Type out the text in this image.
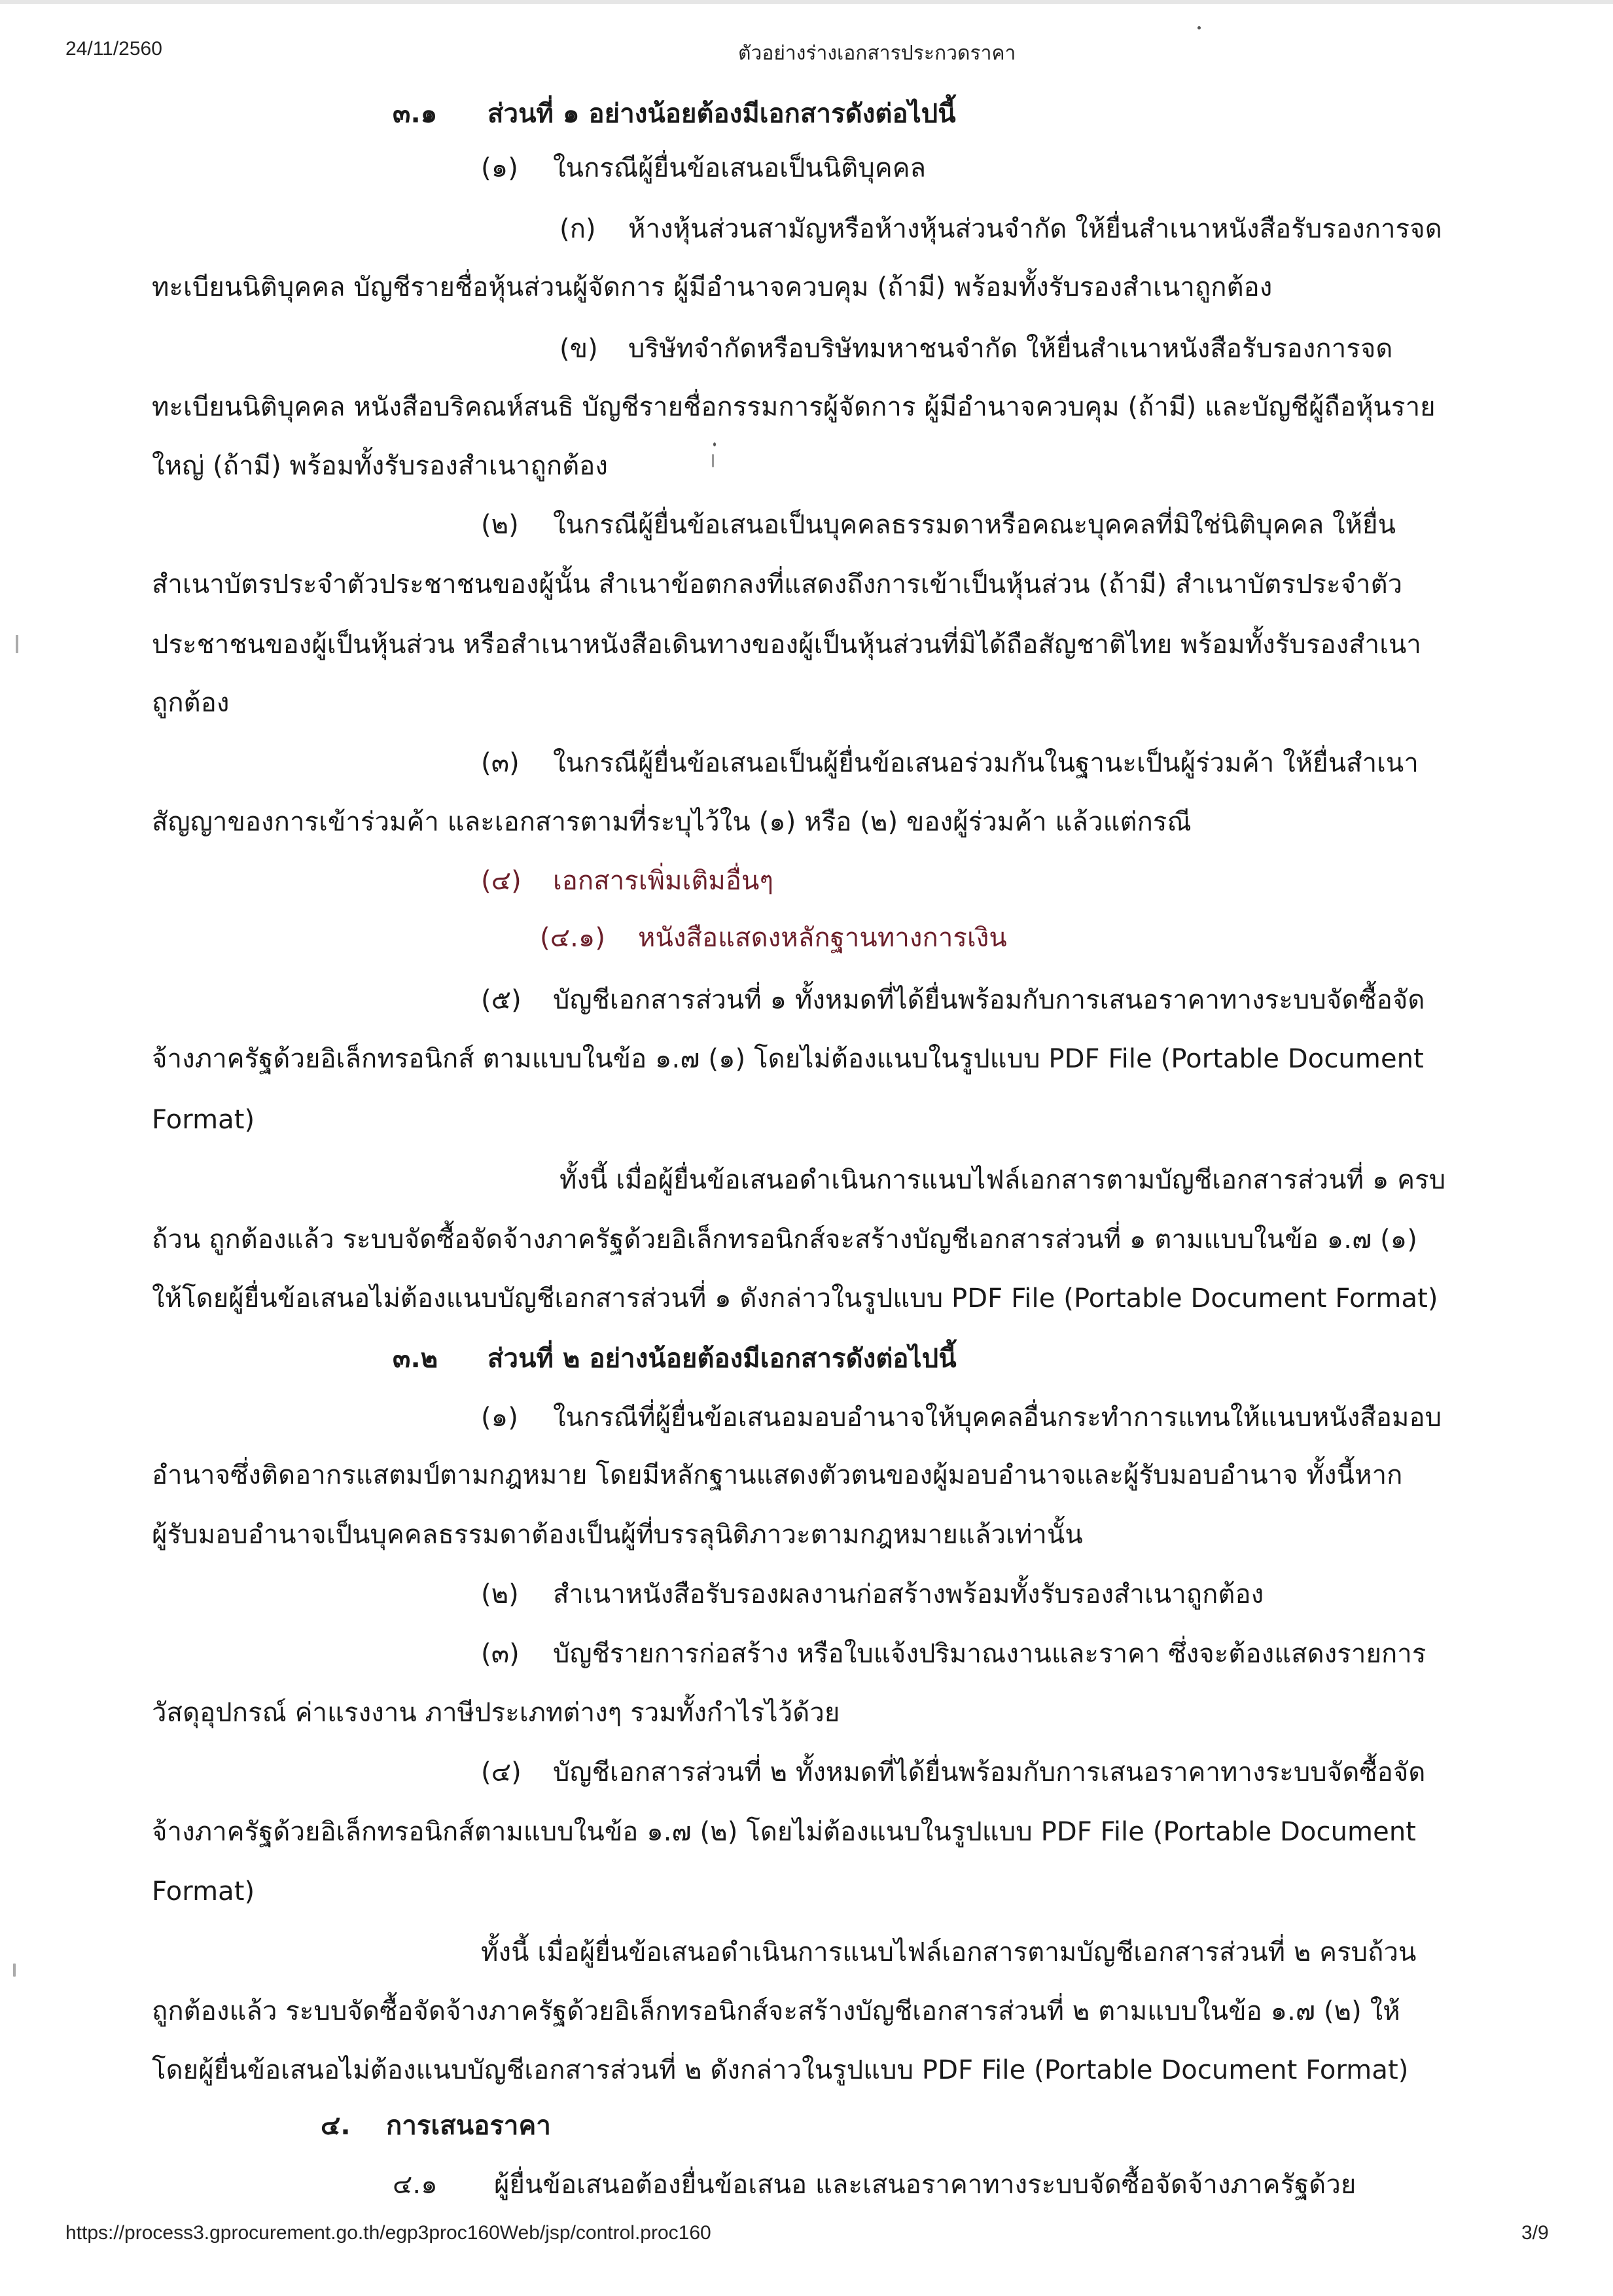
24/11/2560	ตัวอย่างร่างเอกสารประกวดราคา
๓.๑ ส่วนที่ ๑ อย่างน้อยต้องมีเอกสารดังต่อไปนี้
(๑) ในกรณีผู้ยื่นข้อเสนอเป็นนิติบุคคล
(ก) ห้างหุ้นส่วนสามัญหรือห้างหุ้นส่วนจำกัด ให้ยื่นสำเนาหนังสือรับรองการจด
ทะเบียนนิติบุคคล บัญชีรายชื่อหุ้นส่วนผู้จัดการ ผู้มีอำนาจควบคุม (ถ้ามี) พร้อมทั้งรับรองสำเนาถูกต้อง
(ข) บริษัทจำกัดหรือบริษัทมหาชนจำกัด ให้ยื่นสำเนาหนังสือรับรองการจด
ทะเบียนนิติบุคคล หนังสือบริคณห์สนธิ บัญชีรายชื่อกรรมการผู้จัดการ ผู้มีอำนาจควบคุม (ถ้ามี) และบัญชีผู้ถือหุ้นราย
ใหญ่ (ถ้ามี) พร้อมทั้งรับรองสำเนาถูกต้อง
(๒) ในกรณีผู้ยื่นข้อเสนอเป็นบุคคลธรรมดาหรือคณะบุคคลที่มิใช่นิติบุคคล ให้ยื่น
สำเนาบัตรประจำตัวประชาชนของผู้นั้น สำเนาข้อตกลงที่แสดงถึงการเข้าเป็นหุ้นส่วน (ถ้ามี) สำเนาบัตรประจำตัว
ประชาชนของผู้เป็นหุ้นส่วน หรือสำเนาหนังสือเดินทางของผู้เป็นหุ้นส่วนที่มิได้ถือสัญชาติไทย พร้อมทั้งรับรองสำเนา
ถูกต้อง
(๓) ในกรณีผู้ยื่นข้อเสนอเป็นผู้ยื่นข้อเสนอร่วมกันในฐานะเป็นผู้ร่วมค้า ให้ยื่นสำเนา
สัญญาของการเข้าร่วมค้า และเอกสารตามที่ระบุไว้ใน (๑) หรือ (๒) ของผู้ร่วมค้า แล้วแต่กรณี
(๔) เอกสารเพิ่มเติมอื่นๆ
(๔.๑) หนังสือแสดงหลักฐานทางการเงิน
(๕) บัญชีเอกสารส่วนที่ ๑ ทั้งหมดที่ได้ยื่นพร้อมกับการเสนอราคาทางระบบจัดซื้อจัด
จ้างภาครัฐด้วยอิเล็กทรอนิกส์ ตามแบบในข้อ ๑.๗ (๑) โดยไม่ต้องแนบในรูปแบบ PDF File (Portable Document
Format)
ทั้งนี้ เมื่อผู้ยื่นข้อเสนอดำเนินการแนบไฟล์เอกสารตามบัญชีเอกสารส่วนที่ ๑ ครบ
ถ้วน ถูกต้องแล้ว ระบบจัดซื้อจัดจ้างภาครัฐด้วยอิเล็กทรอนิกส์จะสร้างบัญชีเอกสารส่วนที่ ๑ ตามแบบในข้อ ๑.๗ (๑)
ให้โดยผู้ยื่นข้อเสนอไม่ต้องแนบบัญชีเอกสารส่วนที่ ๑ ดังกล่าวในรูปแบบ PDF File (Portable Document Format)
๓.๒ ส่วนที่ ๒ อย่างน้อยต้องมีเอกสารดังต่อไปนี้
(๑) ในกรณีที่ผู้ยื่นข้อเสนอมอบอำนาจให้บุคคลอื่นกระทำการแทนให้แนบหนังสือมอบ
อำนาจซึ่งติดอากรแสตมป์ตามกฎหมาย โดยมีหลักฐานแสดงตัวตนของผู้มอบอำนาจและผู้รับมอบอำนาจ ทั้งนี้หาก
ผู้รับมอบอำนาจเป็นบุคคลธรรมดาต้องเป็นผู้ที่บรรลุนิติภาวะตามกฎหมายแล้วเท่านั้น
(๒) สำเนาหนังสือรับรองผลงานก่อสร้างพร้อมทั้งรับรองสำเนาถูกต้อง
(๓) บัญชีรายการก่อสร้าง หรือใบแจ้งปริมาณงานและราคา ซึ่งจะต้องแสดงรายการ
วัสดุอุปกรณ์ ค่าแรงงาน ภาษีประเภทต่างๆ รวมทั้งกำไรไว้ด้วย
(๔) บัญชีเอกสารส่วนที่ ๒ ทั้งหมดที่ได้ยื่นพร้อมกับการเสนอราคาทางระบบจัดซื้อจัด
จ้างภาครัฐด้วยอิเล็กทรอนิกส์ตามแบบในข้อ ๑.๗ (๒) โดยไม่ต้องแนบในรูปแบบ PDF File (Portable Document
Format)
ทั้งนี้ เมื่อผู้ยื่นข้อเสนอดำเนินการแนบไฟล์เอกสารตามบัญชีเอกสารส่วนที่ ๒ ครบถ้วน
ถูกต้องแล้ว ระบบจัดซื้อจัดจ้างภาครัฐด้วยอิเล็กทรอนิกส์จะสร้างบัญชีเอกสารส่วนที่ ๒ ตามแบบในข้อ ๑.๗ (๒) ให้
โดยผู้ยื่นข้อเสนอไม่ต้องแนบบัญชีเอกสารส่วนที่ ๒ ดังกล่าวในรูปแบบ PDF File (Portable Document Format)
๔. การเสนอราคา
๔.๑ ผู้ยื่นข้อเสนอต้องยื่นข้อเสนอ และเสนอราคาทางระบบจัดซื้อจัดจ้างภาครัฐด้วย
https://process3.gprocurement.go.th/egp3proc160Web/jsp/control.proc160	3/9
